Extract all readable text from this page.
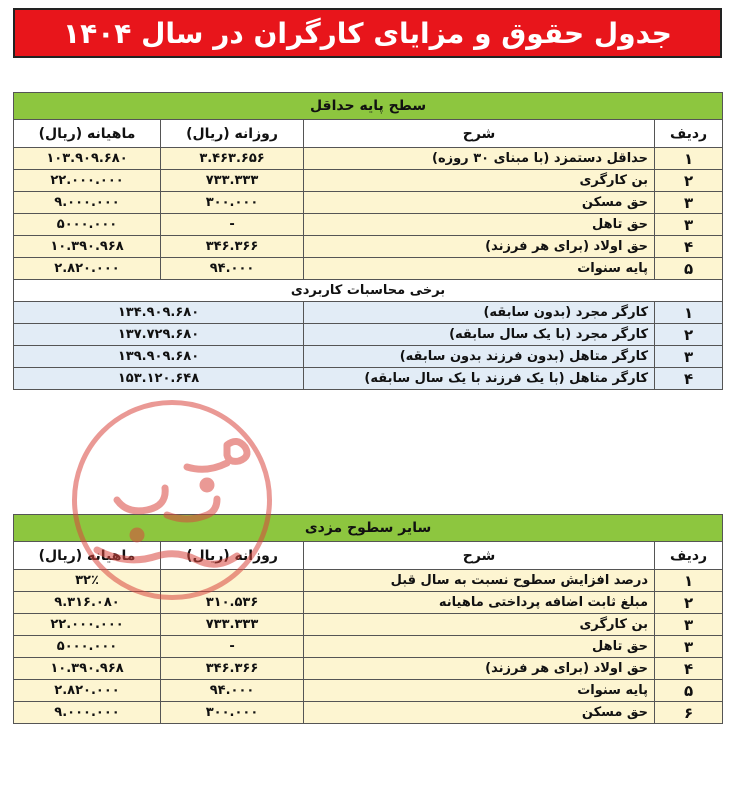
جدول حقوق و مزایای کارگران در سال ۱۴۰۴
سطح پایه حداقل			
ردیف	شرح	روزانه (ریال)	ماهیانه (ریال)
۱	حداقل دستمزد (با مبنای ۳۰ روزه)	۳.۴۶۳.۶۵۶	۱۰۳.۹۰۹.۶۸۰
۲	بن کارگری	۷۳۳.۳۳۳	۲۲.۰۰۰.۰۰۰
۳	حق مسکن	۳۰۰.۰۰۰	۹.۰۰۰.۰۰۰
۳	حق تاهل	-	۵۰۰۰.۰۰۰
۴	حق اولاد (برای هر فرزند)	۳۴۶.۳۶۶	۱۰.۳۹۰.۹۶۸
۵	پایه سنوات	۹۴.۰۰۰	۲.۸۲۰.۰۰۰
برخی محاسبات کاربردی			
۱	کارگر مجرد (بدون سابقه)	۱۳۴.۹۰۹.۶۸۰	
۲	کارگر مجرد (با یک سال سابقه)	۱۳۷.۷۲۹.۶۸۰	
۳	کارگر متاهل (بدون فرزند بدون سابقه)	۱۳۹.۹۰۹.۶۸۰	
۴	کارگر متاهل (با یک فرزند با یک سال سابقه)	۱۵۳.۱۲۰.۶۴۸	
سایر سطوح مزدی			
ردیف	شرح	روزانه (ریال)	ماهیانه (ریال)
۱	درصد افزایش سطوح نسبت به سال قبل		۳۲٪
۲	مبلغ ثابت اضافه پرداختی ماهیانه	۳۱۰.۵۳۶	۹.۳۱۶.۰۸۰
۳	بن کارگری	۷۳۳.۳۳۳	۲۲.۰۰۰.۰۰۰
۳	حق تاهل	-	۵۰۰۰.۰۰۰
۴	حق اولاد (برای هر فرزند)	۳۴۶.۳۶۶	۱۰.۳۹۰.۹۶۸
۵	پایه سنوات	۹۴.۰۰۰	۲.۸۲۰.۰۰۰
۶	حق مسکن	۳۰۰.۰۰۰	۹.۰۰۰.۰۰۰
